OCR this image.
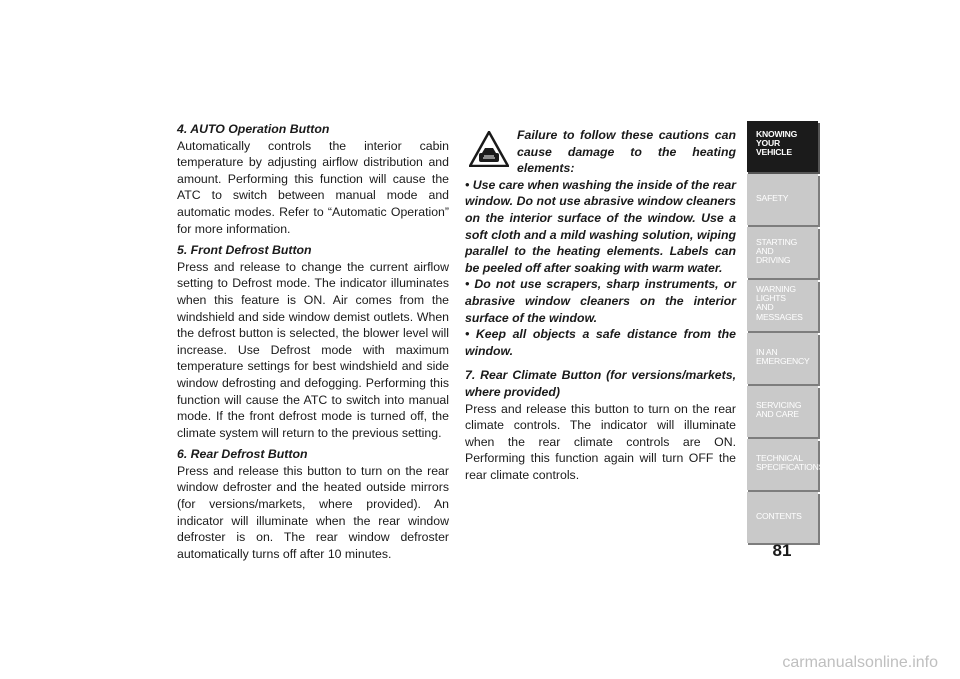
4. AUTO Operation Button
Automatically controls the interior cabin temperature by adjusting airflow distribution and amount. Performing this function will cause the ATC to switch between manual mode and automatic modes. Refer to “Automatic Operation” for more information.
5. Front Defrost Button
Press and release to change the current airflow setting to Defrost mode. The indicator illuminates when this feature is ON. Air comes from the windshield and side window demist outlets. When the defrost button is selected, the blower level will increase. Use Defrost mode with maximum temperature settings for best windshield and side window defrosting and defogging. Performing this function will cause the ATC to switch into manual mode. If the front defrost mode is turned off, the climate system will return to the previous setting.
6. Rear Defrost Button
Press and release this button to turn on the rear window defroster and the heated outside mirrors (for versions/markets, where provided). An indicator will illuminate when the rear window defroster is on. The rear window defroster automatically turns off after 10 minutes.
Failure to follow these cautions can cause damage to the heating elements:
• Use care when washing the inside of the rear window. Do not use abrasive window cleaners on the interior surface of the window. Use a soft cloth and a mild washing solution, wiping parallel to the heating elements. Labels can be peeled off after soaking with warm water.
• Do not use scrapers, sharp instruments, or abrasive window cleaners on the interior surface of the window.
• Keep all objects a safe distance from the window.
7. Rear Climate Button (for versions/markets, where provided)
Press and release this button to turn on the rear climate controls. The indicator will illuminate when the rear climate controls are ON. Performing this function again will turn OFF the rear climate controls.
KNOWING
YOUR
VEHICLE
SAFETY
STARTING
AND
DRIVING
WARNING
LIGHTS
AND
MESSAGES
IN AN
EMERGENCY
SERVICING
AND CARE
TECHNICAL
SPECIFICATIONS
CONTENTS
81
carmanualsonline.info
